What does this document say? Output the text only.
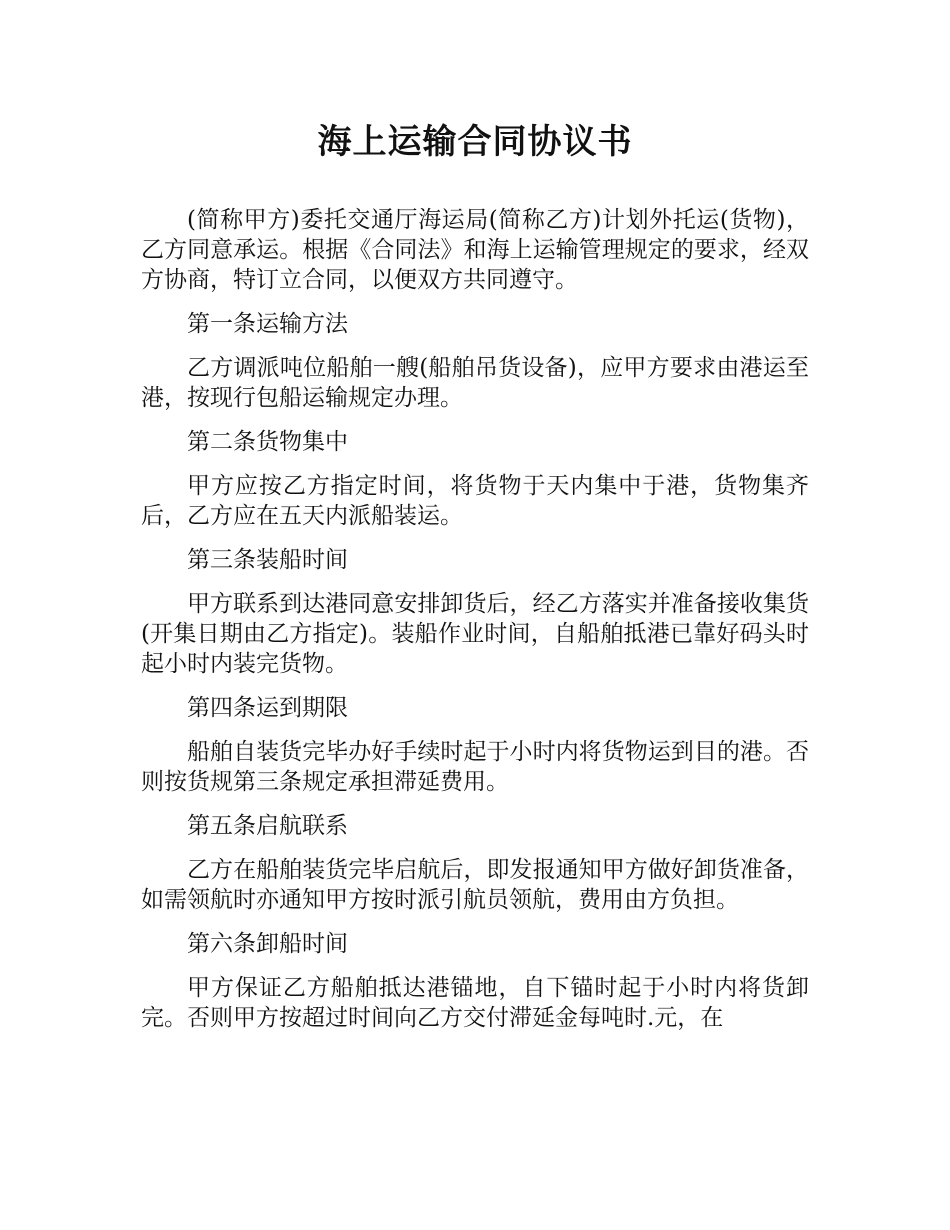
海上运输合同协议书

(简称甲方)委托交通厅海运局(简称乙方)计划外托运(货物)，乙方同意承运。根据《合同法》和海上运输管理规定的要求，经双方协商，特订立合同，以便双方共同遵守。

第一条运输方法

乙方调派吨位船舶一艘(船舶吊货设备)，应甲方要求由港运至港，按现行包船运输规定办理。

第二条货物集中

甲方应按乙方指定时间，将货物于天内集中于港，货物集齐后，乙方应在五天内派船装运。

第三条装船时间

甲方联系到达港同意安排卸货后，经乙方落实并准备接收集货(开集日期由乙方指定)。装船作业时间，自船舶抵港已靠好码头时起小时内装完货物。

第四条运到期限

船舶自装货完毕办好手续时起于小时内将货物运到目的港。否则按货规第三条规定承担滞延费用。

第五条启航联系

乙方在船舶装货完毕启航后，即发报通知甲方做好卸货准备，如需领航时亦通知甲方按时派引航员领航，费用由方负担。

第六条卸船时间

甲方保证乙方船舶抵达港锚地，自下锚时起于小时内将货卸完。否则甲方按超过时间向乙方交付滞延金每吨时.元，在
